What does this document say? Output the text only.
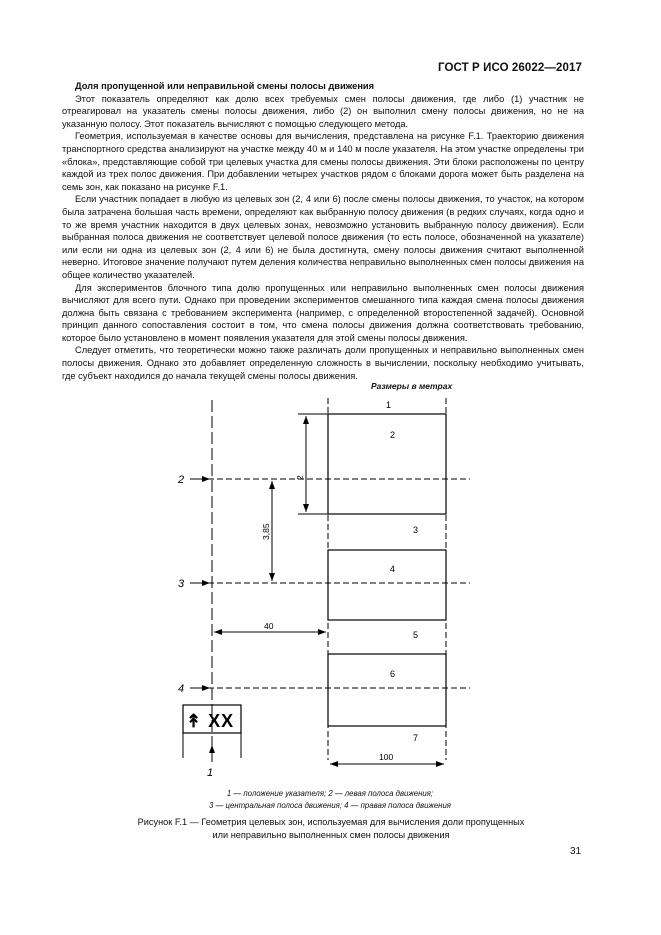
ГОСТ Р ИСО 26022—2017

Доля пропущенной или неправильной смены полосы движения

Этот показатель определяют как долю всех требуемых смен полосы движения, где либо (1) участник не отреагировал на указатель смены полосы движения, либо (2) он выполнил смену полосы движения, но не на указанную полосу. Этот показатель вычисляют с помощью следующего метода.

Геометрия, используемая в качестве основы для вычисления, представлена на рисунке F.1. Траекторию движения транспортного средства анализируют на участке между 40 м и 140 м после указателя. На этом участке определены три «блока», представляющие собой три целевых участка для смены полосы движения. Эти блоки расположены по центру каждой из трех полос движения. При добавлении четырех участков рядом с блоками дорога может быть разделена на семь зон, как показано на рисунке F.1.

Если участник попадает в любую из целевых зон (2, 4 или 6) после смены полосы движения, то участок, на котором была затрачена большая часть времени, определяют как выбранную полосу движения (в редких случаях, когда одно и то же время участник находится в двух целевых зонах, невозможно установить выбранную полосу движения). Если выбранная полоса движения не соответствует целевой полосе движения (то есть полосе, обозначенной на указателе) или если ни одна из целевых зон (2, 4 или 6) не была достигнута, смену полосы движения считают выполненной неверно. Итоговое значение получают путем деления количества неправильно выполненных смен полосы движения на общее количество указателей.

Для экспериментов блочного типа долю пропущенных или неправильно выполненных смен полосы движения вычисляют для всего пути. Однако при проведении экспериментов смешанного типа каждая смена полосы движения должна быть связана с требованием эксперимента (например, с определенной второстепенной задачей). Основной принцип данного сопоставления состоит в том, что смена полосы движения должна соответствовать требованию, которое было установлено в момент появления указателя для этой смены полосы движения.

Следует отметить, что теоретически можно также различать доли пропущенных и неправильно выполненных смен полосы движения. Однако это добавляет определенную сложность в вычислении, поскольку необходимо учитывать, где субъект находился до начала текущей смены полосы движения.

Размеры в метрах
2
3
4
1
2
3
4
5
6
7
2
3,85
40
100
↟ XX
1
1 — положение указателя; 2 — левая полоса движения;
3 — центральная полоса движения; 4 — правая полоса движения
Рисунок F.1 — Геометрия целевых зон, используемая для вычисления доли пропущенных
или неправильно выполненных смен полосы движения
31
